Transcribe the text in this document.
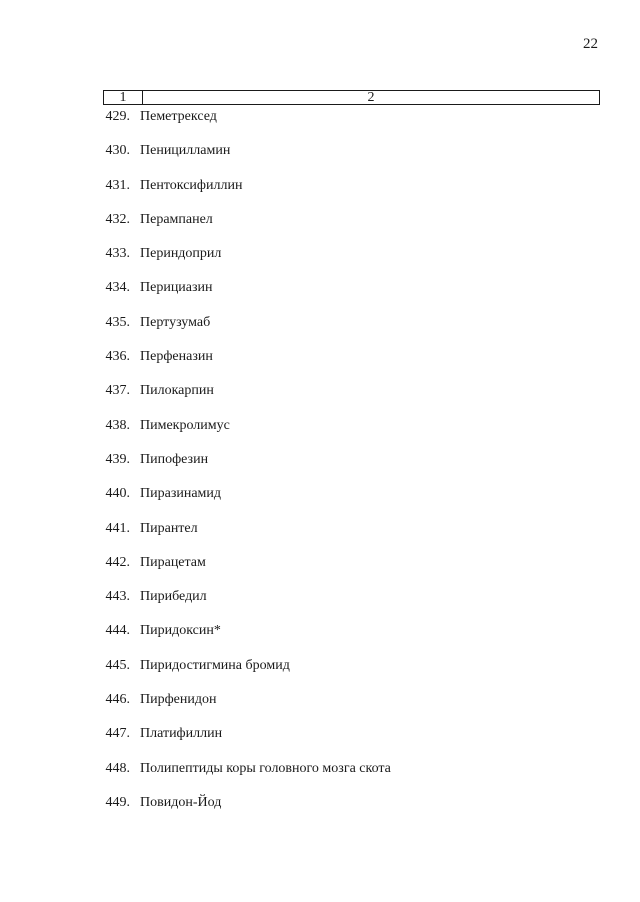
22
1	2
429. Пеметрексед
430. Пеницилламин
431. Пентоксифиллин
432. Перампанел
433. Периндоприл
434. Перициазин
435. Пертузумаб
436. Перфеназин
437. Пилокарпин
438. Пимекролимус
439. Пипофезин
440. Пиразинамид
441. Пирантел
442. Пирацетам
443. Пирибедил
444. Пиридоксин*
445. Пиридостигмина бромид
446. Пирфенидон
447. Платифиллин
448. Полипептиды коры головного мозга скота
449. Повидон-Йод
